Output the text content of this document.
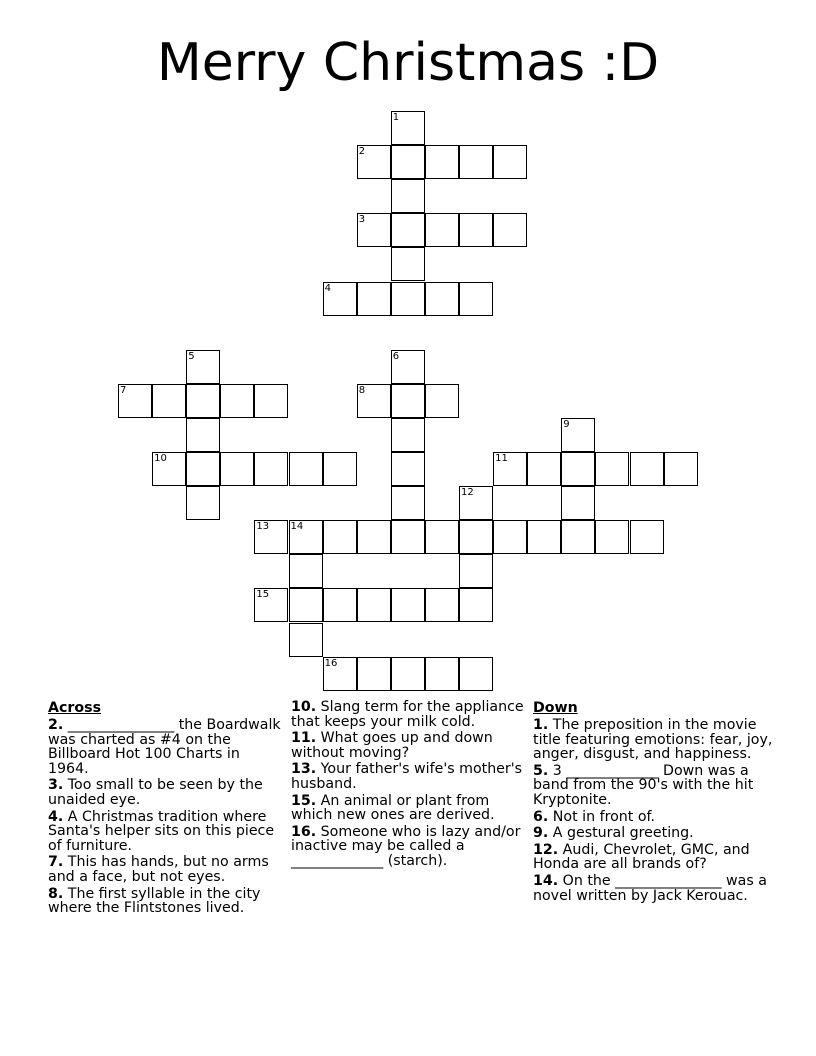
Merry Christmas :D
1
2
3
4
5	6
7	8
9
10	11
12
13 14
15
16
Across
2. _______________ the Boardwalk was charted as #4 on the Billboard Hot 100 Charts in 1964.
3. Too small to be seen by the unaided eye.
4. A Christmas tradition where Santa's helper sits on this piece of furniture.
7. This has hands, but no arms and a face, but not eyes.
8. The first syllable in the city where the Flintstones lived.
10. Slang term for the appliance that keeps your milk cold.
11. What goes up and down without moving?
13. Your father's wife's mother's husband.
15. An animal or plant from which new ones are derived.
16. Someone who is lazy and/or inactive may be called a _____________ (starch).
Down
1. The preposition in the movie title featuring emotions: fear, joy, anger, disgust, and happiness.
5. 3 _____________ Down was a band from the 90's with the hit Kryptonite.
6. Not in front of.
9. A gestural greeting.
12. Audi, Chevrolet, GMC, and Honda are all brands of?
14. On the _______________ was a novel written by Jack Kerouac.
